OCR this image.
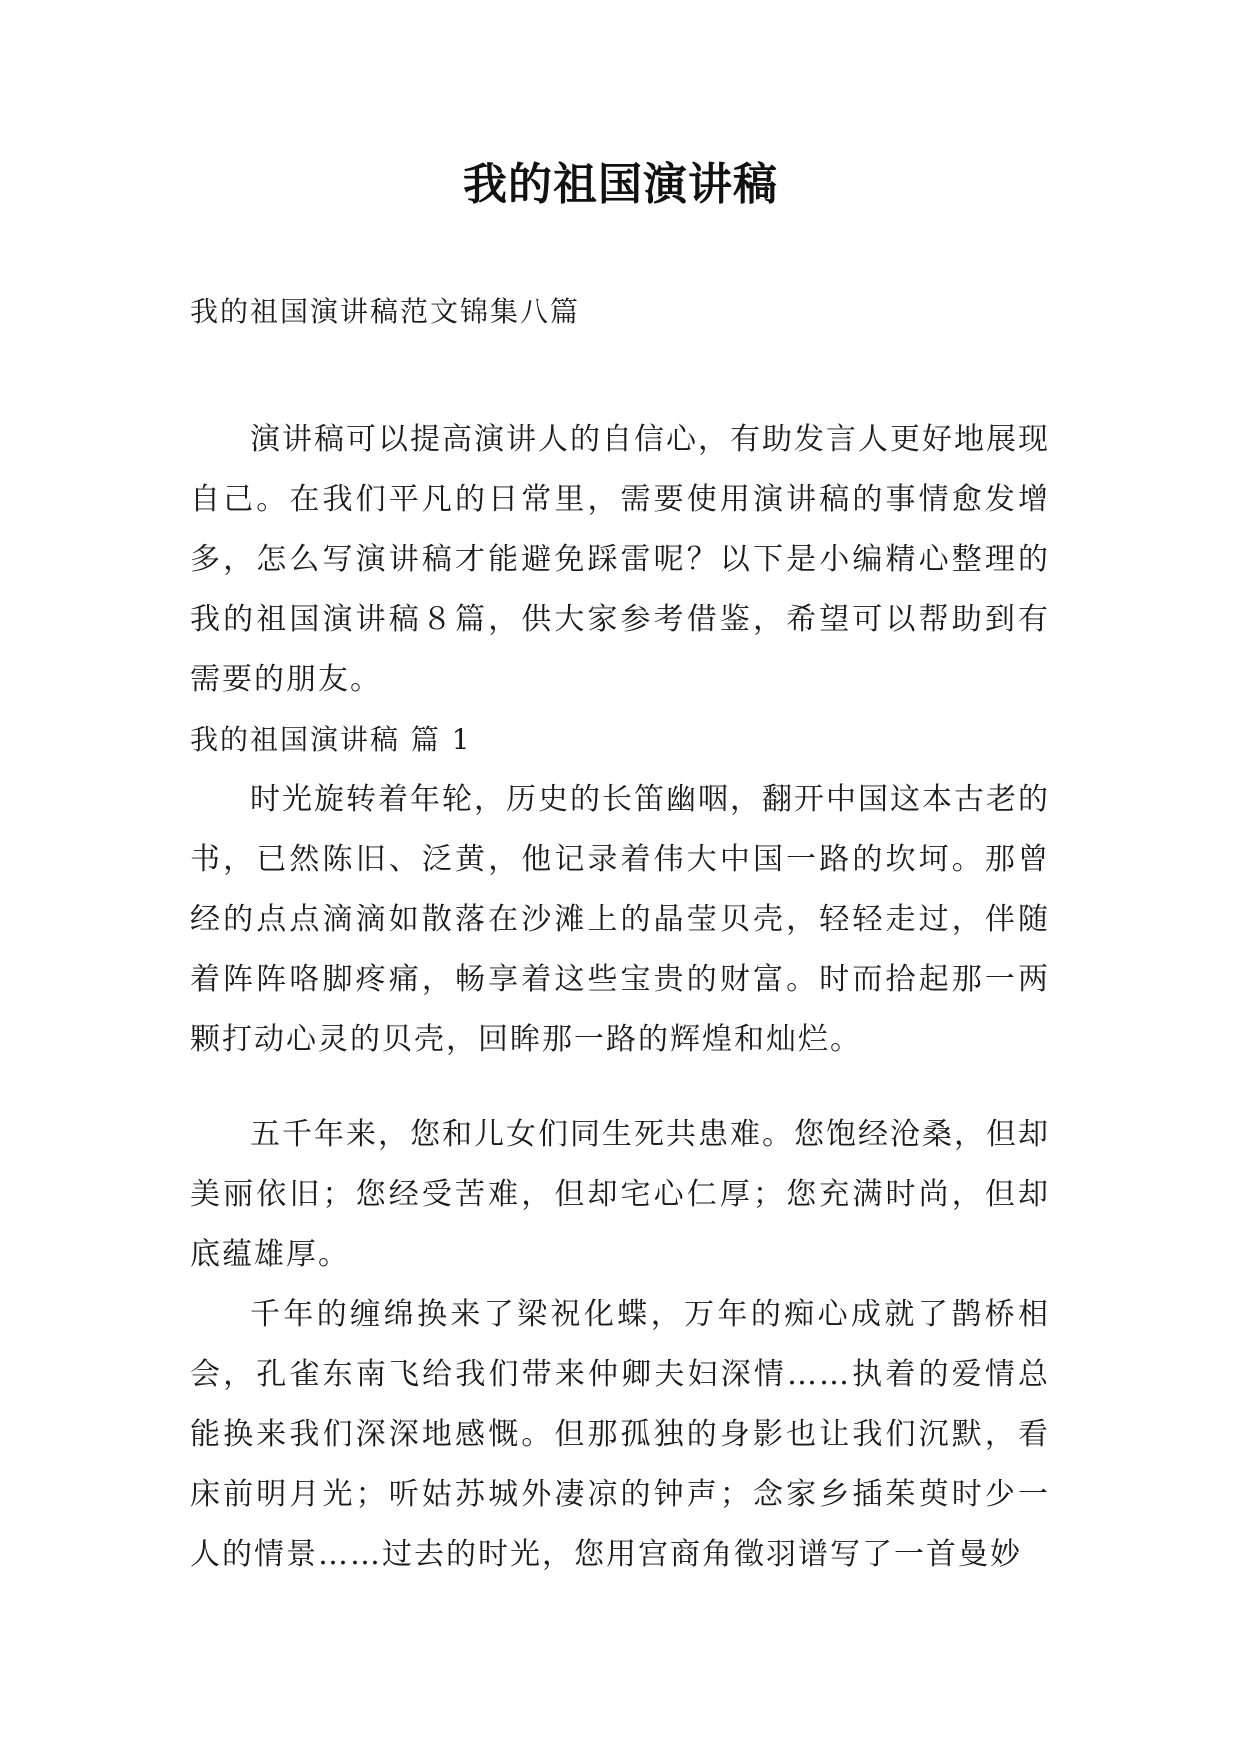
我的祖国演讲稿
我的祖国演讲稿范文锦集八篇

演讲稿可以提高演讲人的自信心，有助发言人更好地展现自己。在我们平凡的日常里，需要使用演讲稿的事情愈发增多，怎么写演讲稿才能避免踩雷呢？以下是小编精心整理的我的祖国演讲稿８篇，供大家参考借鉴，希望可以帮助到有需要的朋友。

我的祖国演讲稿 篇 1

时光旋转着年轮，历史的长笛幽咽，翻开中国这本古老的书，已然陈旧、泛黄，他记录着伟大中国一路的坎坷。那曾经的点点滴滴如散落在沙滩上的晶莹贝壳，轻轻走过，伴随着阵阵咯脚疼痛，畅享着这些宝贵的财富。时而拾起那一两颗打动心灵的贝壳，回眸那一路的辉煌和灿烂。

五千年来，您和儿女们同生死共患难。您饱经沧桑，但却美丽依旧；您经受苦难，但却宅心仁厚；您充满时尚，但却底蕴雄厚。

千年的缠绵换来了梁祝化蝶，万年的痴心成就了鹊桥相会，孔雀东南飞给我们带来仲卿夫妇深情……执着的爱情总能换来我们深深地感慨。但那孤独的身影也让我们沉默，看床前明月光；听姑苏城外凄凉的钟声；念家乡插茱萸时少一人的情景……过去的时光，您用宫商角徵羽谱写了一首曼妙
